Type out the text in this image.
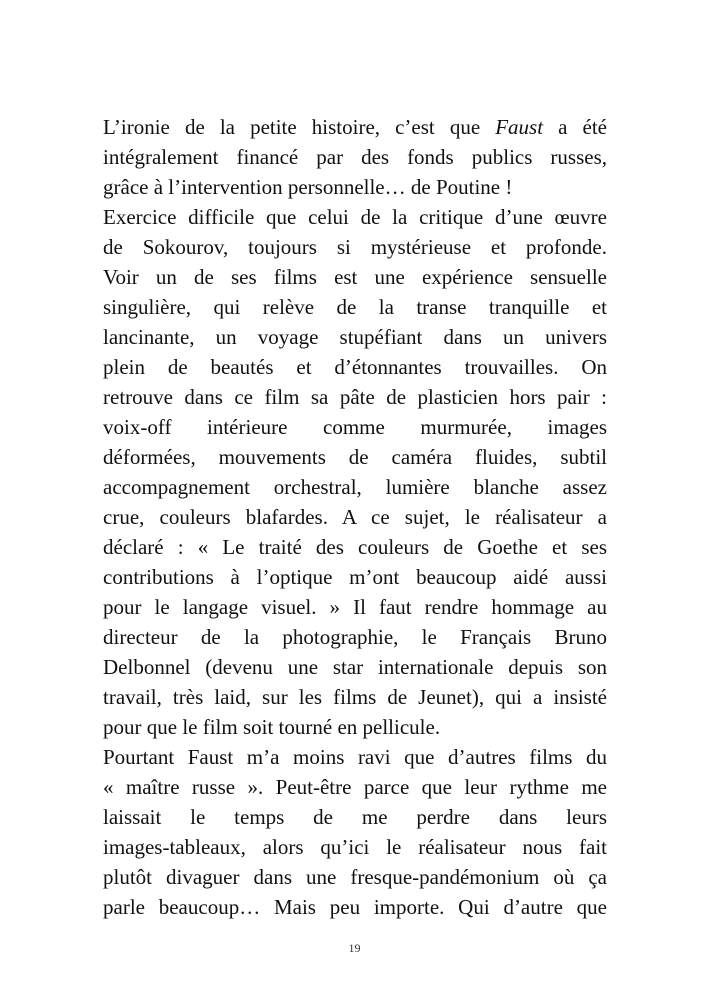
L’ironie de la petite histoire, c’est que Faust a été
intégralement financé par des fonds publics russes,
grâce à l’intervention personnelle… de Poutine !
Exercice difficile que celui de la critique d’une œuvre
de Sokourov, toujours si mystérieuse et profonde.
Voir un de ses films est une expérience sensuelle
singulière, qui relève de la transe tranquille et
lancinante, un voyage stupéfiant dans un univers
plein de beautés et d’étonnantes trouvailles. On
retrouve dans ce film sa pâte de plasticien hors pair :
voix-off intérieure comme murmurée, images
déformées, mouvements de caméra fluides, subtil
accompagnement orchestral, lumière blanche assez
crue, couleurs blafardes. A ce sujet, le réalisateur a
déclaré : « Le traité des couleurs de Goethe et ses
contributions à l’optique m’ont beaucoup aidé aussi
pour le langage visuel. » Il faut rendre hommage au
directeur de la photographie, le Français Bruno
Delbonnel (devenu une star internationale depuis son
travail, très laid, sur les films de Jeunet), qui a insisté
pour que le film soit tourné en pellicule.
Pourtant Faust m’a moins ravi que d’autres films du
« maître russe ». Peut-être parce que leur rythme me
laissait le temps de me perdre dans leurs
images-tableaux, alors qu’ici le réalisateur nous fait
plutôt divaguer dans une fresque-pandémonium où ça
parle beaucoup… Mais peu importe. Qui d’autre que
19
